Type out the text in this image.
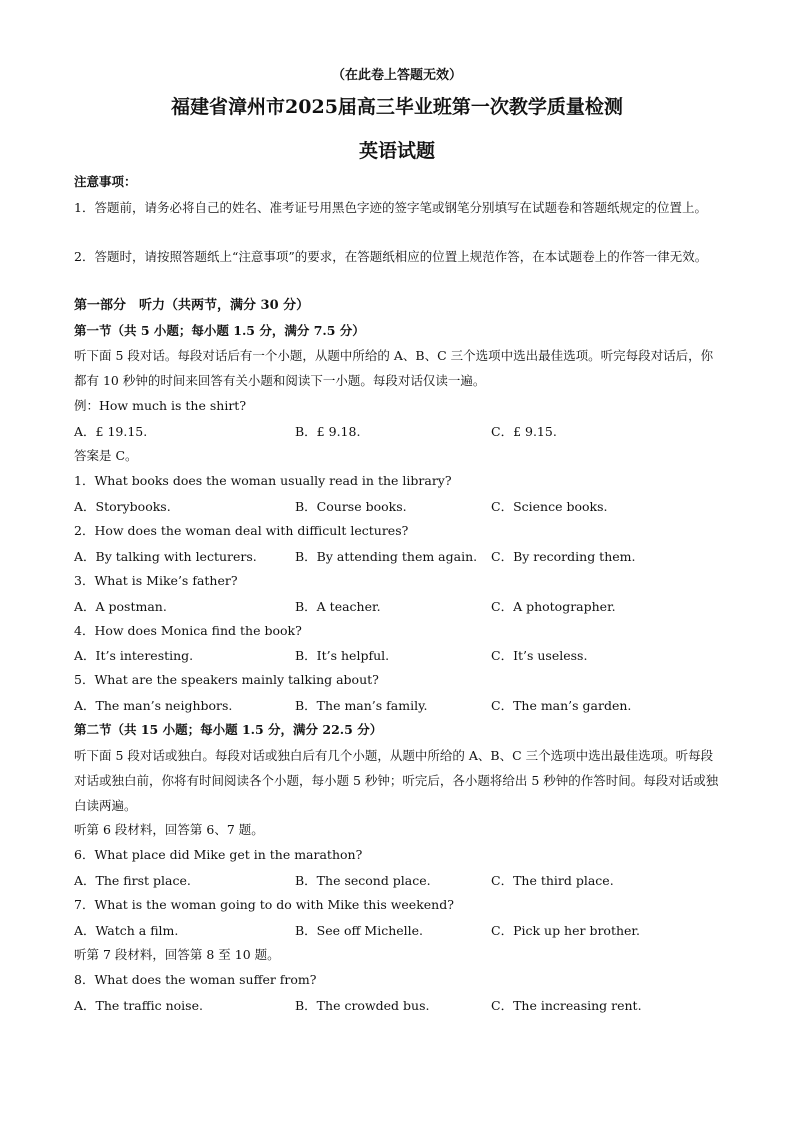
（在此卷上答题无效）
福建省漳州市2025届高三毕业班第一次教学质量检测
英语试题
注意事项：
1．答题前，请务必将自己的姓名、准考证号用黑色字迹的签字笔或钢笔分别填写在试题卷和答题纸规定的位置上。
2．答题时，请按照答题纸上“注意事项”的要求，在答题纸相应的位置上规范作答，在本试题卷上的作答一律无效。
第一部分　听力（共两节，满分 30 分）
第一节（共 5 小题；每小题 1.5 分，满分 7.5 分）
听下面 5 段对话。每段对话后有一个小题，从题中所给的 A、B、C 三个选项中选出最佳选项。听完每段对话后，你都有 10 秒钟的时间来回答有关小题和阅读下一小题。每段对话仅读一遍。
例：How much is the shirt?
A．£ 19.15.	B．£ 9.18.	C．£ 9.15.
答案是 C。
1．What books does the woman usually read in the library?
A．Storybooks.	B．Course books.	C．Science books.
2．How does the woman deal with difficult lectures?
A．By talking with lecturers.	B．By attending them again. C．By recording them.
3．What is Mike’s father?
A．A postman.	B．A teacher.	C．A photographer.
4．How does Monica find the book?
A．It’s interesting.	B．It’s helpful.	C．It’s useless.
5．What are the speakers mainly talking about?
A．The man’s neighbors.	B．The man’s family.	C．The man’s garden.
第二节（共 15 小题；每小题 1.5 分，满分 22.5 分）
听下面 5 段对话或独白。每段对话或独白后有几个小题，从题中所给的 A、B、C 三个选项中选出最佳选项。听每段对话或独白前，你将有时间阅读各个小题，每小题 5 秒钟；听完后，各小题将给出 5 秒钟的作答时间。每段对话或独白读两遍。
听第 6 段材料，回答第 6、7 题。
6．What place did Mike get in the marathon?
A．The first place.	B．The second place.	C．The third place.
7．What is the woman going to do with Mike this weekend?
A．Watch a film.	B．See off Michelle.	C．Pick up her brother.
听第 7 段材料，回答第 8 至 10 题。
8．What does the woman suffer from?
A．The traffic noise.	B．The crowded bus.	C．The increasing rent.
